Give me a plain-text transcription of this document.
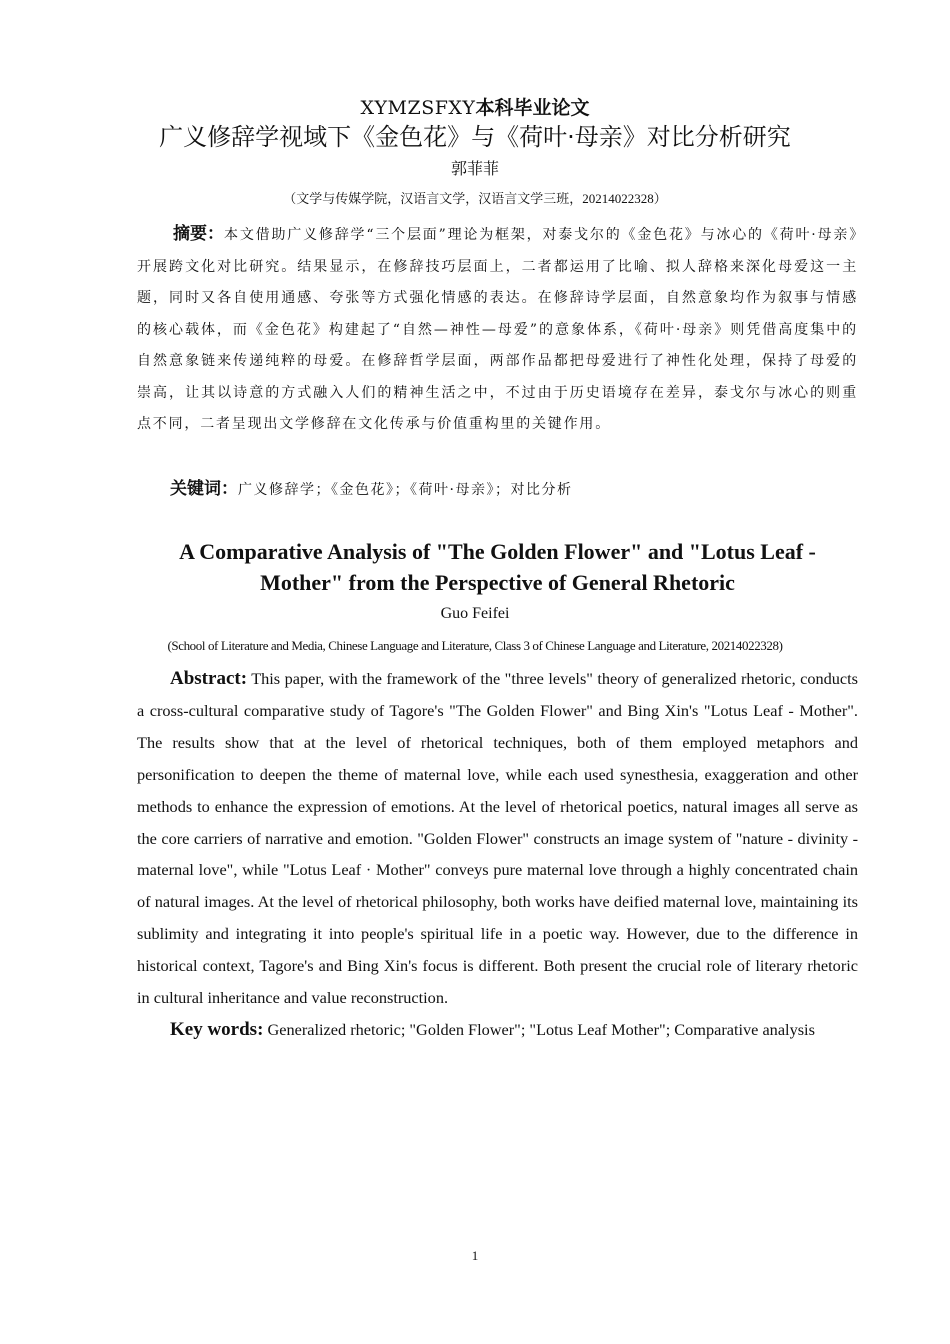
XYMZSFXY本科毕业论文
广义修辞学视域下《金色花》与《荷叶·母亲》对比分析研究
郭菲菲
（文学与传媒学院，汉语言文学，汉语言文学三班，20214022328）
摘要：本文借助广义修辞学“三个层面”理论为框架，对泰戈尔的《金色花》与冰心的《荷叶·母亲》开展跨文化对比研究。结果显示，在修辞技巧层面上，二者都运用了比喻、拟人辞格来深化母爱这一主题，同时又各自使用通感、夸张等方式强化情感的表达。在修辞诗学层面，自然意象均作为叙事与情感的核心载体，而《金色花》构建起了“自然—神性—母爱”的意象体系，《荷叶·母亲》则凭借高度集中的自然意象链来传递纯粹的母爱。在修辞哲学层面，两部作品都把母爱进行了神性化处理，保持了母爱的崇高，让其以诗意的方式融入人们的精神生活之中，不过由于历史语境存在差异，泰戈尔与冰心的则重点不同，二者呈现出文学修辞在文化传承与价值重构里的关键作用。
关键词：广义修辞学；《金色花》；《荷叶·母亲》；对比分析
A Comparative Analysis of "The Golden Flower" and "Lotus Leaf - Mother" from the Perspective of General Rhetoric
Guo Feifei
(School of Literature and Media, Chinese Language and Literature, Class 3 of Chinese Language and Literature, 20214022328)
Abstract: This paper, with the framework of the "three levels" theory of generalized rhetoric, conducts a cross-cultural comparative study of Tagore's "The Golden Flower" and Bing Xin's "Lotus Leaf - Mother". The results show that at the level of rhetorical techniques, both of them employed metaphors and personification to deepen the theme of maternal love, while each used synesthesia, exaggeration and other methods to enhance the expression of emotions. At the level of rhetorical poetics, natural images all serve as the core carriers of narrative and emotion. "Golden Flower" constructs an image system of "nature - divinity - maternal love", while "Lotus Leaf · Mother" conveys pure maternal love through a highly concentrated chain of natural images. At the level of rhetorical philosophy, both works have deified maternal love, maintaining its sublimity and integrating it into people's spiritual life in a poetic way. However, due to the difference in historical context, Tagore's and Bing Xin's focus is different. Both present the crucial role of literary rhetoric in cultural inheritance and value reconstruction.
Key words: Generalized rhetoric; "Golden Flower"; "Lotus Leaf Mother"; Comparative analysis
1
